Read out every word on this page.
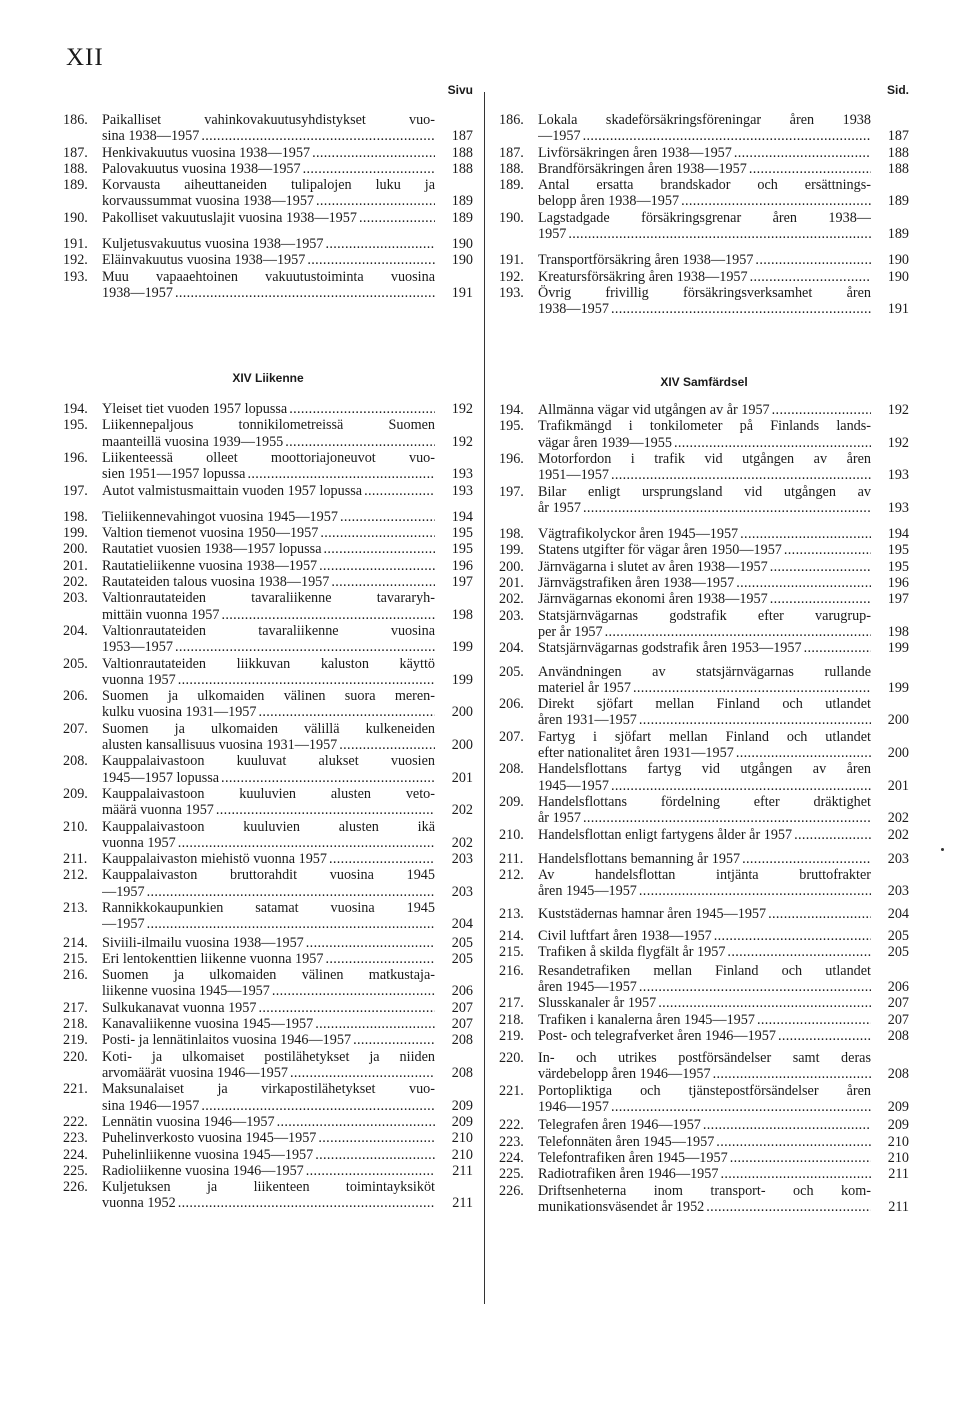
XII
Sivu
XIV Liikenne
186. Paikalliset vahinkovakuutusyhdistykset vuo-
sina 1938—1957 . . .	187
187. Henkivakuutus vuosina 1938—1957 . . .	188
188. Palovakuutus vuosina 1938—1957 . . .	188
189. Korvausta aiheuttaneiden tulipalojen luku ja
korvaussummat vuosina 1938—1957 . . .	189
190. Pakolliset vakuutuslajit vuosina 1938—1957 . . .	189
191. Kuljetusvakuutus vuosina 1938—1957 . . .	190
192. Eläinvakuutus vuosina 1938—1957 . . .	190
193. Muu vapaaehtoinen vakuutustoiminta vuosina
1938—1957 . . .	191
194. Yleiset tiet vuoden 1957 lopussa . . .	192
195. Liikennepaljous tonnikilometreissä Suomen
maanteillä vuosina 1939—1955 . . .	192
196. Liikenteessä olleet moottoriajoneuvot vuo-
sien 1951—1957 lopussa . . .	193
197. Autot valmistusmaittain vuoden 1957 lopussa . . .	193
198. Tieliikennevahingot vuosina 1945—1957 . . .	194
199. Valtion tiemenot vuosina 1950—1957 . . .	195
200. Rautatiet vuosien 1938—1957 lopussa . . .	195
201. Rautatieliikenne vuosina 1938—1957 . . .	196
202. Rautateiden talous vuosina 1938—1957 . . .	197
203. Valtionrautateiden tavaraliikenne tavararyh-
mittäin vuonna 1957 . . .	198
204. Valtionrautateiden tavaraliikenne vuosina
1953—1957 . . .	199
205. Valtionrautateiden liikkuvan kaluston käyttö
vuonna 1957 . . .	199
206. Suomen ja ulkomaiden välinen suora meren-
kulku vuosina 1931—1957 . . .	200
207. Suomen ja ulkomaiden välillä kulkeneiden
alusten kansallisuus vuosina 1931—1957 . . .	200
208. Kauppalaivastoon kuuluvat alukset vuosien
1945—1957 lopussa . . .	201
209. Kauppalaivastoon kuuluvien alusten veto-
määrä vuonna 1957 . . .	202
210. Kauppalaivastoon kuuluvien alusten ikä
vuonna 1957 . . .	202
211.	Kauppalaivaston miehistö vuonna 1957 . . .	203
212. Kauppalaivaston bruttorahdit vuosina 1945
—1957 . . .	203
213. Rannikkokaupunkien satamat vuosina 1945
—1957 . . .	204
214. Siviili-ilmailu vuosina 1938—1957 . . .	205
215. Eri lentokenttien liikenne vuonna 1957 . . .	205
216. Suomen ja ulkomaiden välinen matkustaja-
liikenne vuosina 1945—1957 . . .	206
217. Sulkukanavat vuonna 1957 . . .	207
218. Kanavaliikenne vuosina 1945—1957 . . .	207
219. Posti- ja lennätinlaitos vuosina 1946—1957 . . .	208
220. Koti- ja ulkomaiset postilähetykset ja niiden
arvomäärät vuosina 1946—1957 . . .	208
221. Maksunalaiset ja virkapostilähetykset vuo-
sina 1946—1957 . . .	209
222. Lennätin vuosina 1946—1957 . . .	209
223. Puhelinverkosto vuosina 1945—1957 . . .	210
224. Puhelinliikenne vuosina 1945—1957 . . .	210
225. Radioliikenne vuosina 1946—1957 . . .	211
226. Kuljetuksen ja liikenteen toimintayksiköt
vuonna 1952 . . .	211
Sid.
XIV Samfärdsel
186. Lokala skadeförsäkringsföreningar åren 1938
—1957 . . .	187
187. Livförsäkringen åren 1938—1957 . . .	188
188. Brandförsäkringen åren 1938—1957 . . .	188
189. Antal ersatta brandskador och ersättnings-
belopp åren 1938—1957 . . .	189
190. Lagstadgade försäkringsgrenar åren 1938—
1957 . . .	189
191. Transportförsäkring åren 1938—1957 . . .	190
192. Kreatursförsäkring åren 1938—1957 . . .	190
193. Övrig frivillig försäkringsverksamhet åren
1938—1957 . . .	191
194. Allmänna vägar vid utgången av år 1957 . . .	192
195. Trafikmängd i tonkilometer på Finlands lands-
vägar åren 1939—1955 . . .	192
196. Motorfordon i trafik vid utgången av åren
1951—1957 . . .	193
197. Bilar enligt ursprungsland vid utgången av
år 1957 . . .	193
198. Vägtrafikolyckor åren 1945—1957 . . .	194
199. Statens utgifter för vägar åren 1950—1957 . . .	195
200. Järnvägarna i slutet av åren 1938—1957 . . .	195
201. Järnvägstrafiken åren 1938—1957 . . .	196
202. Järnvägarnas ekonomi åren 1938—1957 . . .	197
203. Statsjärnvägarnas godstrafik efter varugrup-
per år 1957 . . .	198
204. Statsjärnvägarnas godstrafik åren 1953—1957 . . .	199
205. Användningen av statsjärnvägarnas rullande
materiel år 1957 . . .	199
206. Direkt sjöfart mellan Finland och utlandet
åren 1931—1957 . . .	200
207. Fartyg i sjöfart mellan Finland och utlandet
efter nationalitet åren 1931—1957 . . .	200
208. Handelsflottans fartyg vid utgången av åren
1945—1957 . . .	201
209. Handelsflottans fördelning efter dräktighet
år 1957 . . .	202
210. Handelsflottan enligt fartygens ålder år 1957 . . .	202
211.	Handelsflottans bemanning år 1957 . . .	203
212. Av handelsflottan intjänta bruttofrakter
åren 1945—1957 . . .	203
213. Kuststädernas hamnar åren 1945—1957 . . .	204
214. Civil luftfart åren 1938—1957 . . .	205
215. Trafiken å skilda flygfält år 1957 . . .	205
216. Resandetrafiken mellan Finland och utlandet
åren 1945—1957 . . .	206
217. Slusskanaler år 1957 . . .	207
218. Trafiken i kanalerna åren 1945—1957 . . .	207
219. Post- och telegrafverket åren 1946—1957 . . .	208
220. In- och utrikes postförsändelser samt deras
värdebelopp åren 1946—1957 . . .	208
221. Portopliktiga och tjänstepostförsändelser åren
1946—1957 . . .	209
222. Telegrafen åren 1946—1957 . . .	209
223. Telefonnäten åren 1945—1957 . . .	210
224. Telefontrafiken åren 1945—1957 . . .	210
225. Radiotrafiken åren 1946—1957 . . .	211
226. Driftsenheterna inom transport- och kom-
munikationsväsendet år 1952 . . .	211
